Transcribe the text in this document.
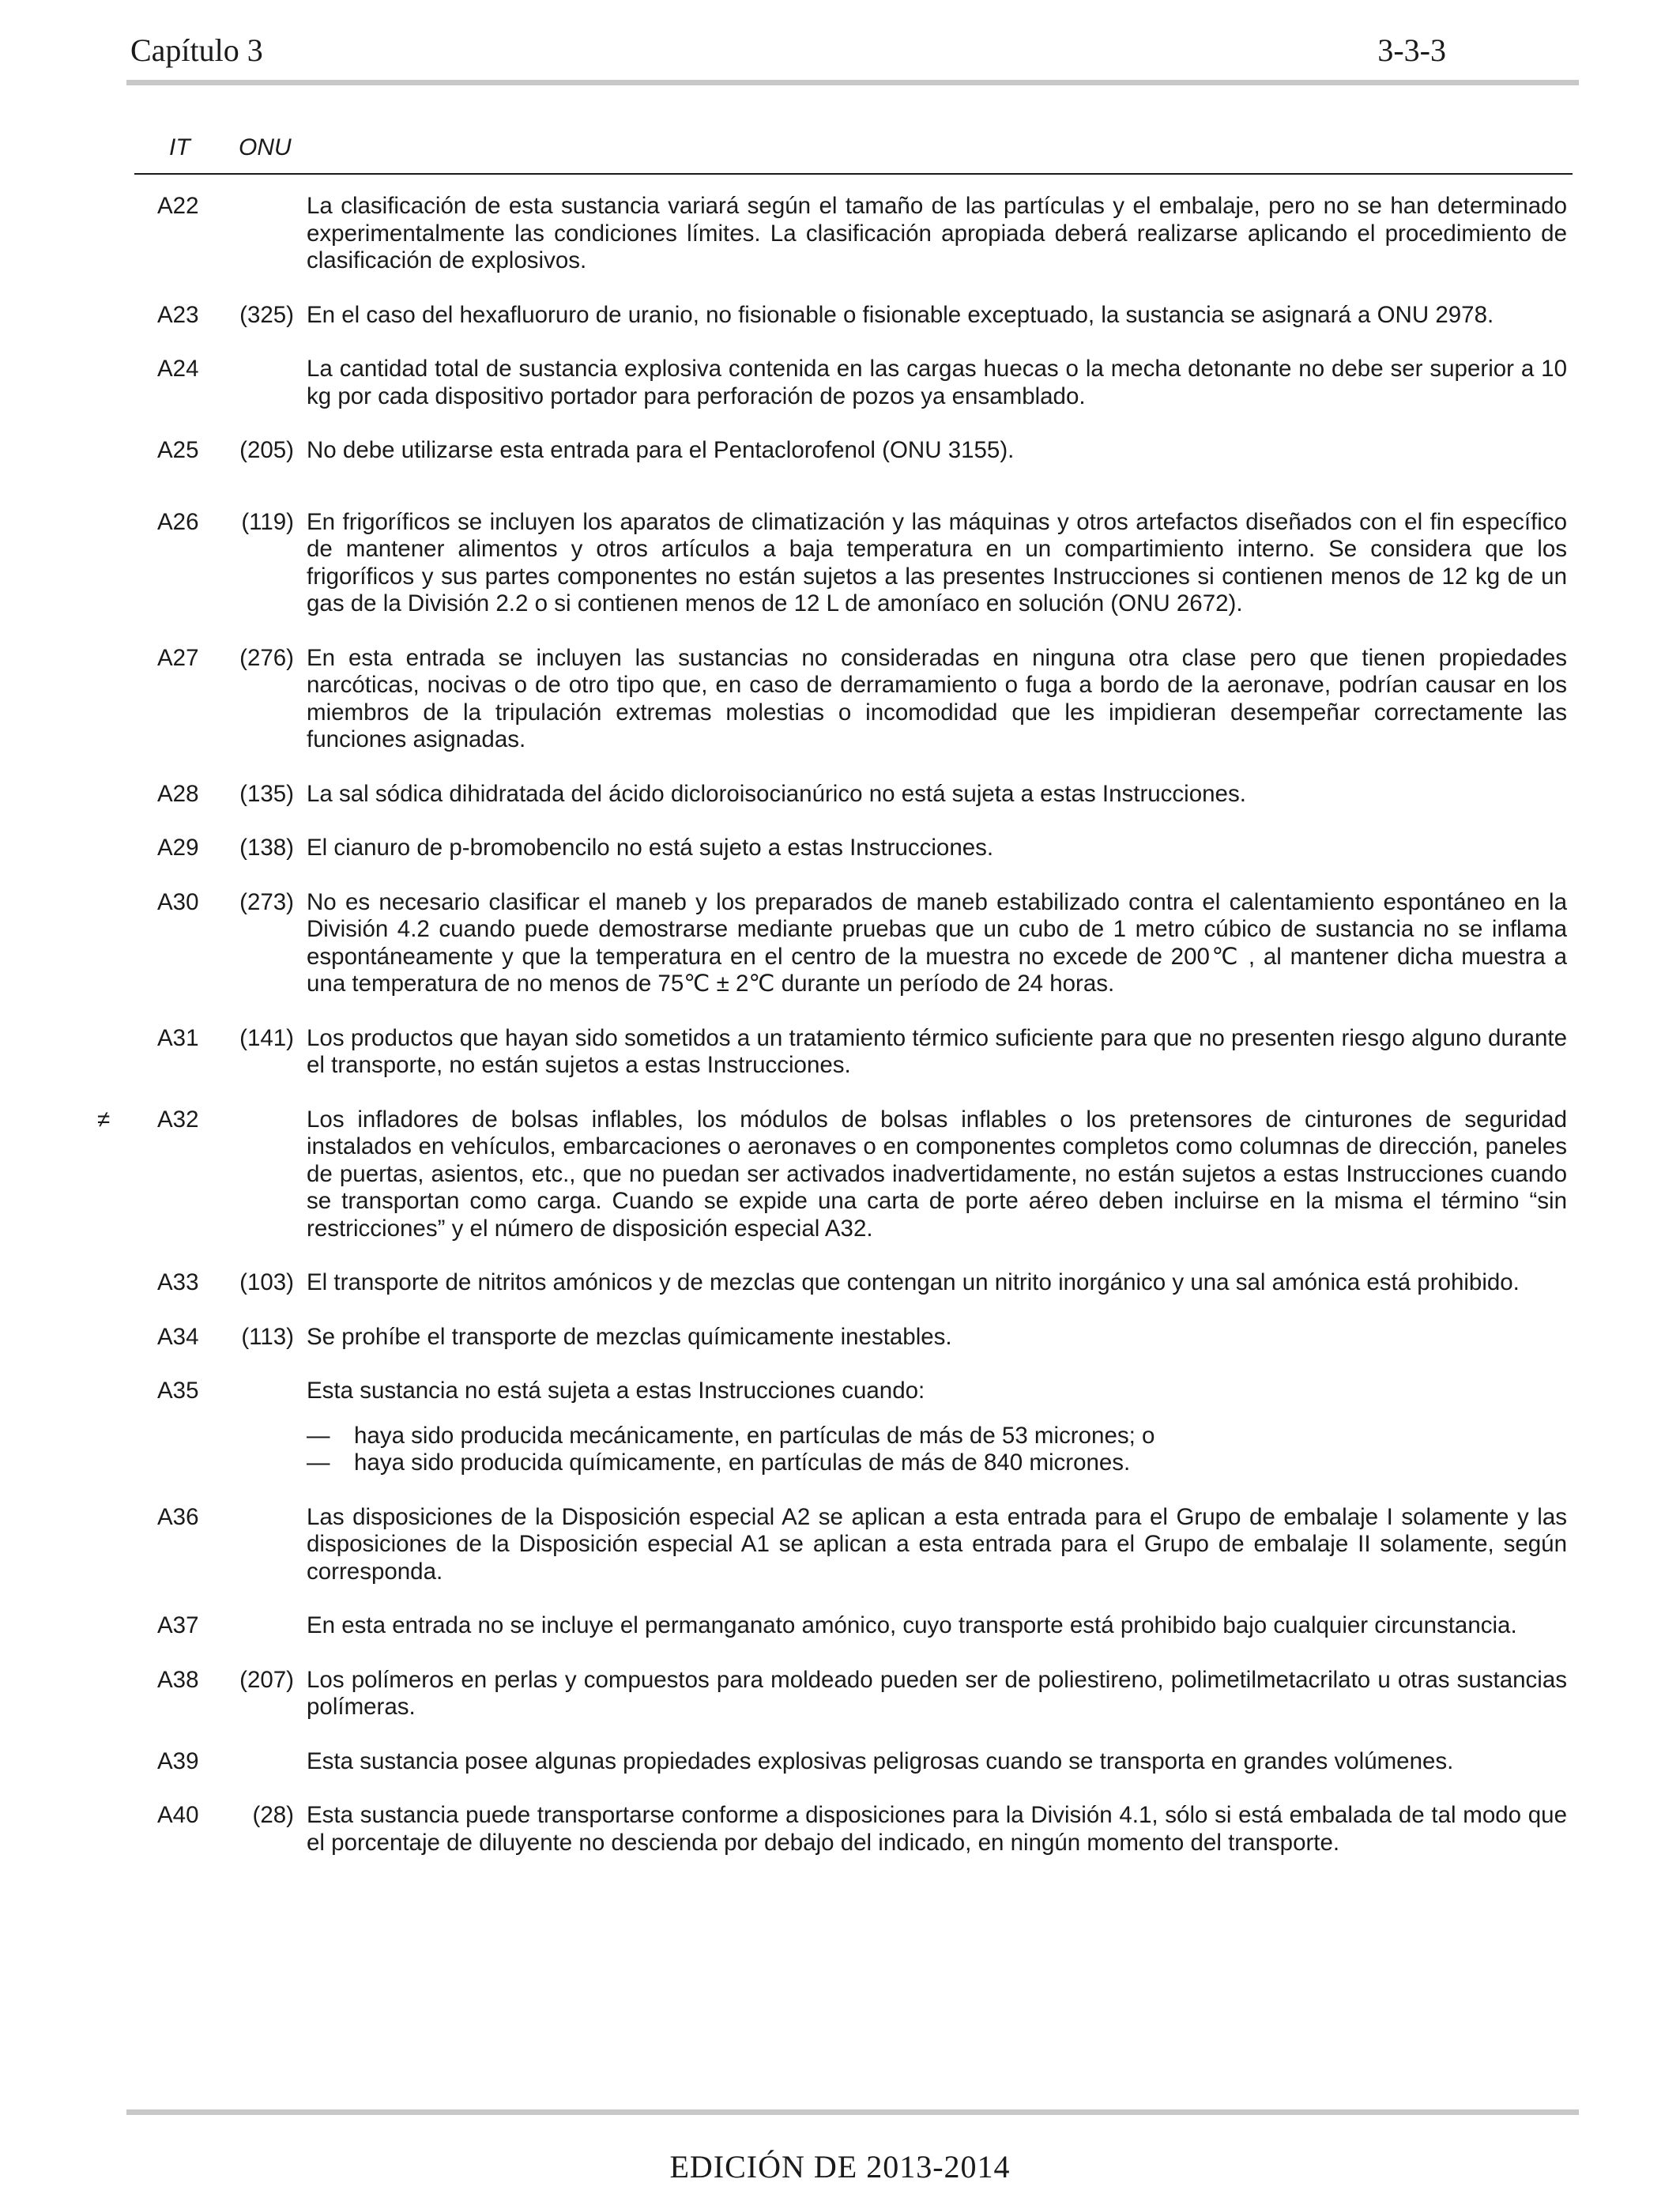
Capítulo 3	3-3-3
IT ONU
A22	La clasificación de esta sustancia variará según el tamaño de las partículas y el embalaje, pero no se han determinado experimentalmente las condiciones límites. La clasificación apropiada deberá realizarse aplicando el procedimiento de clasificación de explosivos.

A23 (325) En el caso del hexafluoruro de uranio, no fisionable o fisionable exceptuado, la sustancia se asignará a ONU 2978.

A24	La cantidad total de sustancia explosiva contenida en las cargas huecas o la mecha detonante no debe ser superior a 10 kg por cada dispositivo portador para perforación de pozos ya ensamblado.

A25 (205) No debe utilizarse esta entrada para el Pentaclorofenol (ONU 3155).

A26 (119) En frigoríficos se incluyen los aparatos de climatización y las máquinas y otros artefactos diseñados con el fin específico de mantener alimentos y otros artículos a baja temperatura en un compartimiento interno. Se considera que los frigoríficos y sus partes componentes no están sujetos a las presentes Instrucciones si contienen menos de 12 kg de un gas de la División 2.2 o si contienen menos de 12 L de amoníaco en solución (ONU 2672).

A27 (276) En esta entrada se incluyen las sustancias no consideradas en ninguna otra clase pero que tienen propiedades narcóticas, nocivas o de otro tipo que, en caso de derramamiento o fuga a bordo de la aeronave, podrían causar en los miembros de la tripulación extremas molestias o incomodidad que les impidieran desempeñar correctamente las funciones asignadas.

A28 (135) La sal sódica dihidratada del ácido dicloroisocianúrico no está sujeta a estas Instrucciones.

A29 (138) El cianuro de p-bromobencilo no está sujeto a estas Instrucciones.

A30 (273) No es necesario clasificar el maneb y los preparados de maneb estabilizado contra el calentamiento espontáneo en la División 4.2 cuando puede demostrarse mediante pruebas que un cubo de 1 metro cúbico de sustancia no se inflama espontáneamente y que la temperatura en el centro de la muestra no excede de 200℃ , al mantener dicha muestra a una temperatura de no menos de 75℃ ± 2℃ durante un período de 24 horas.

A31 (141) Los productos que hayan sido sometidos a un tratamiento térmico suficiente para que no presenten riesgo alguno durante el transporte, no están sujetos a estas Instrucciones.

≠ A32	Los infladores de bolsas inflables, los módulos de bolsas inflables o los pretensores de cinturones de seguridad instalados en vehículos, embarcaciones o aeronaves o en componentes completos como columnas de dirección, paneles de puertas, asientos, etc., que no puedan ser activados inadvertidamente, no están sujetos a estas Instrucciones cuando se transportan como carga. Cuando se expide una carta de porte aéreo deben incluirse en la misma el término “sin restricciones” y el número de disposición especial A32.

A33 (103) El transporte de nitritos amónicos y de mezclas que contengan un nitrito inorgánico y una sal amónica está prohibido.

A34 (113) Se prohíbe el transporte de mezclas químicamente inestables.

A35	Esta sustancia no está sujeta a estas Instrucciones cuando:

— haya sido producida mecánicamente, en partículas de más de 53 micrones; o
— haya sido producida químicamente, en partículas de más de 840 micrones.
A36	Las disposiciones de la Disposición especial A2 se aplican a esta entrada para el Grupo de embalaje I solamente y las disposiciones de la Disposición especial A1 se aplican a esta entrada para el Grupo de embalaje II solamente, según corresponda.

A37	En esta entrada no se incluye el permanganato amónico, cuyo transporte está prohibido bajo cualquier circunstancia.

A38 (207) Los polímeros en perlas y compuestos para moldeado pueden ser de poliestireno, polimetilmetacrilato u otras sustancias polímeras.

A39	Esta sustancia posee algunas propiedades explosivas peligrosas cuando se transporta en grandes volúmenes.

A40 (28) Esta sustancia puede transportarse conforme a disposiciones para la División 4.1, sólo si está embalada de tal modo que el porcentaje de diluyente no descienda por debajo del indicado, en ningún momento del transporte.

EDICIÓN DE 2013-2014
